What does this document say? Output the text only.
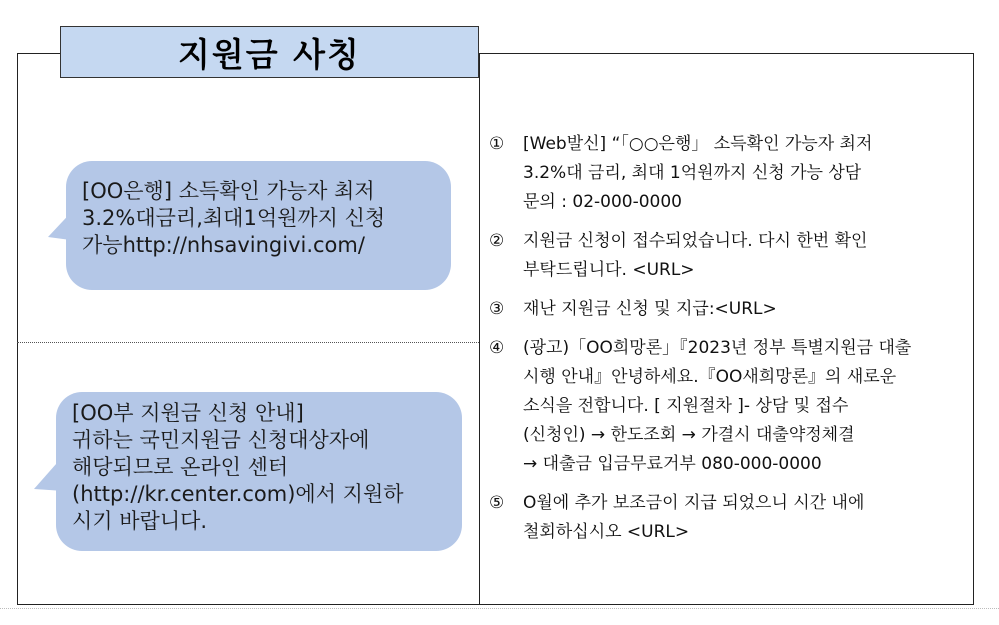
지원금 사칭
[OO은행] 소득확인 가능자 최저
3.2%대금리,최대1억원까지 신청
가능http://nhsavingivi.com/
[OO부 지원금 신청 안내]
귀하는 국민지원금 신청대상자에
해당되므로 온라인 센터
(http://kr.center.com)에서 지원하
시기 바랍니다.
① [Web발신] “「○○은행」 소득확인 가능자 최저
3.2%대 금리, 최대 1억원까지 신청 가능 상담
문의 : 02-000-0000
② 지원금 신청이 접수되었습니다. 다시 한번 확인
부탁드립니다. <URL>
③ 재난 지원금 신청 및 지급:<URL>
④ (광고)「OO희망론」『2023년 정부 특별지원금 대출
시행 안내』안녕하세요.『OO새희망론』의 새로운
소식을 전합니다. [ 지원절차 ]- 상담 및 접수
(신청인) → 한도조회 → 가결시 대출약정체결
→ 대출금 입금무료거부 080-000-0000
⑤ O월에 추가 보조금이 지급 되었으니 시간 내에
철회하십시오 <URL>
